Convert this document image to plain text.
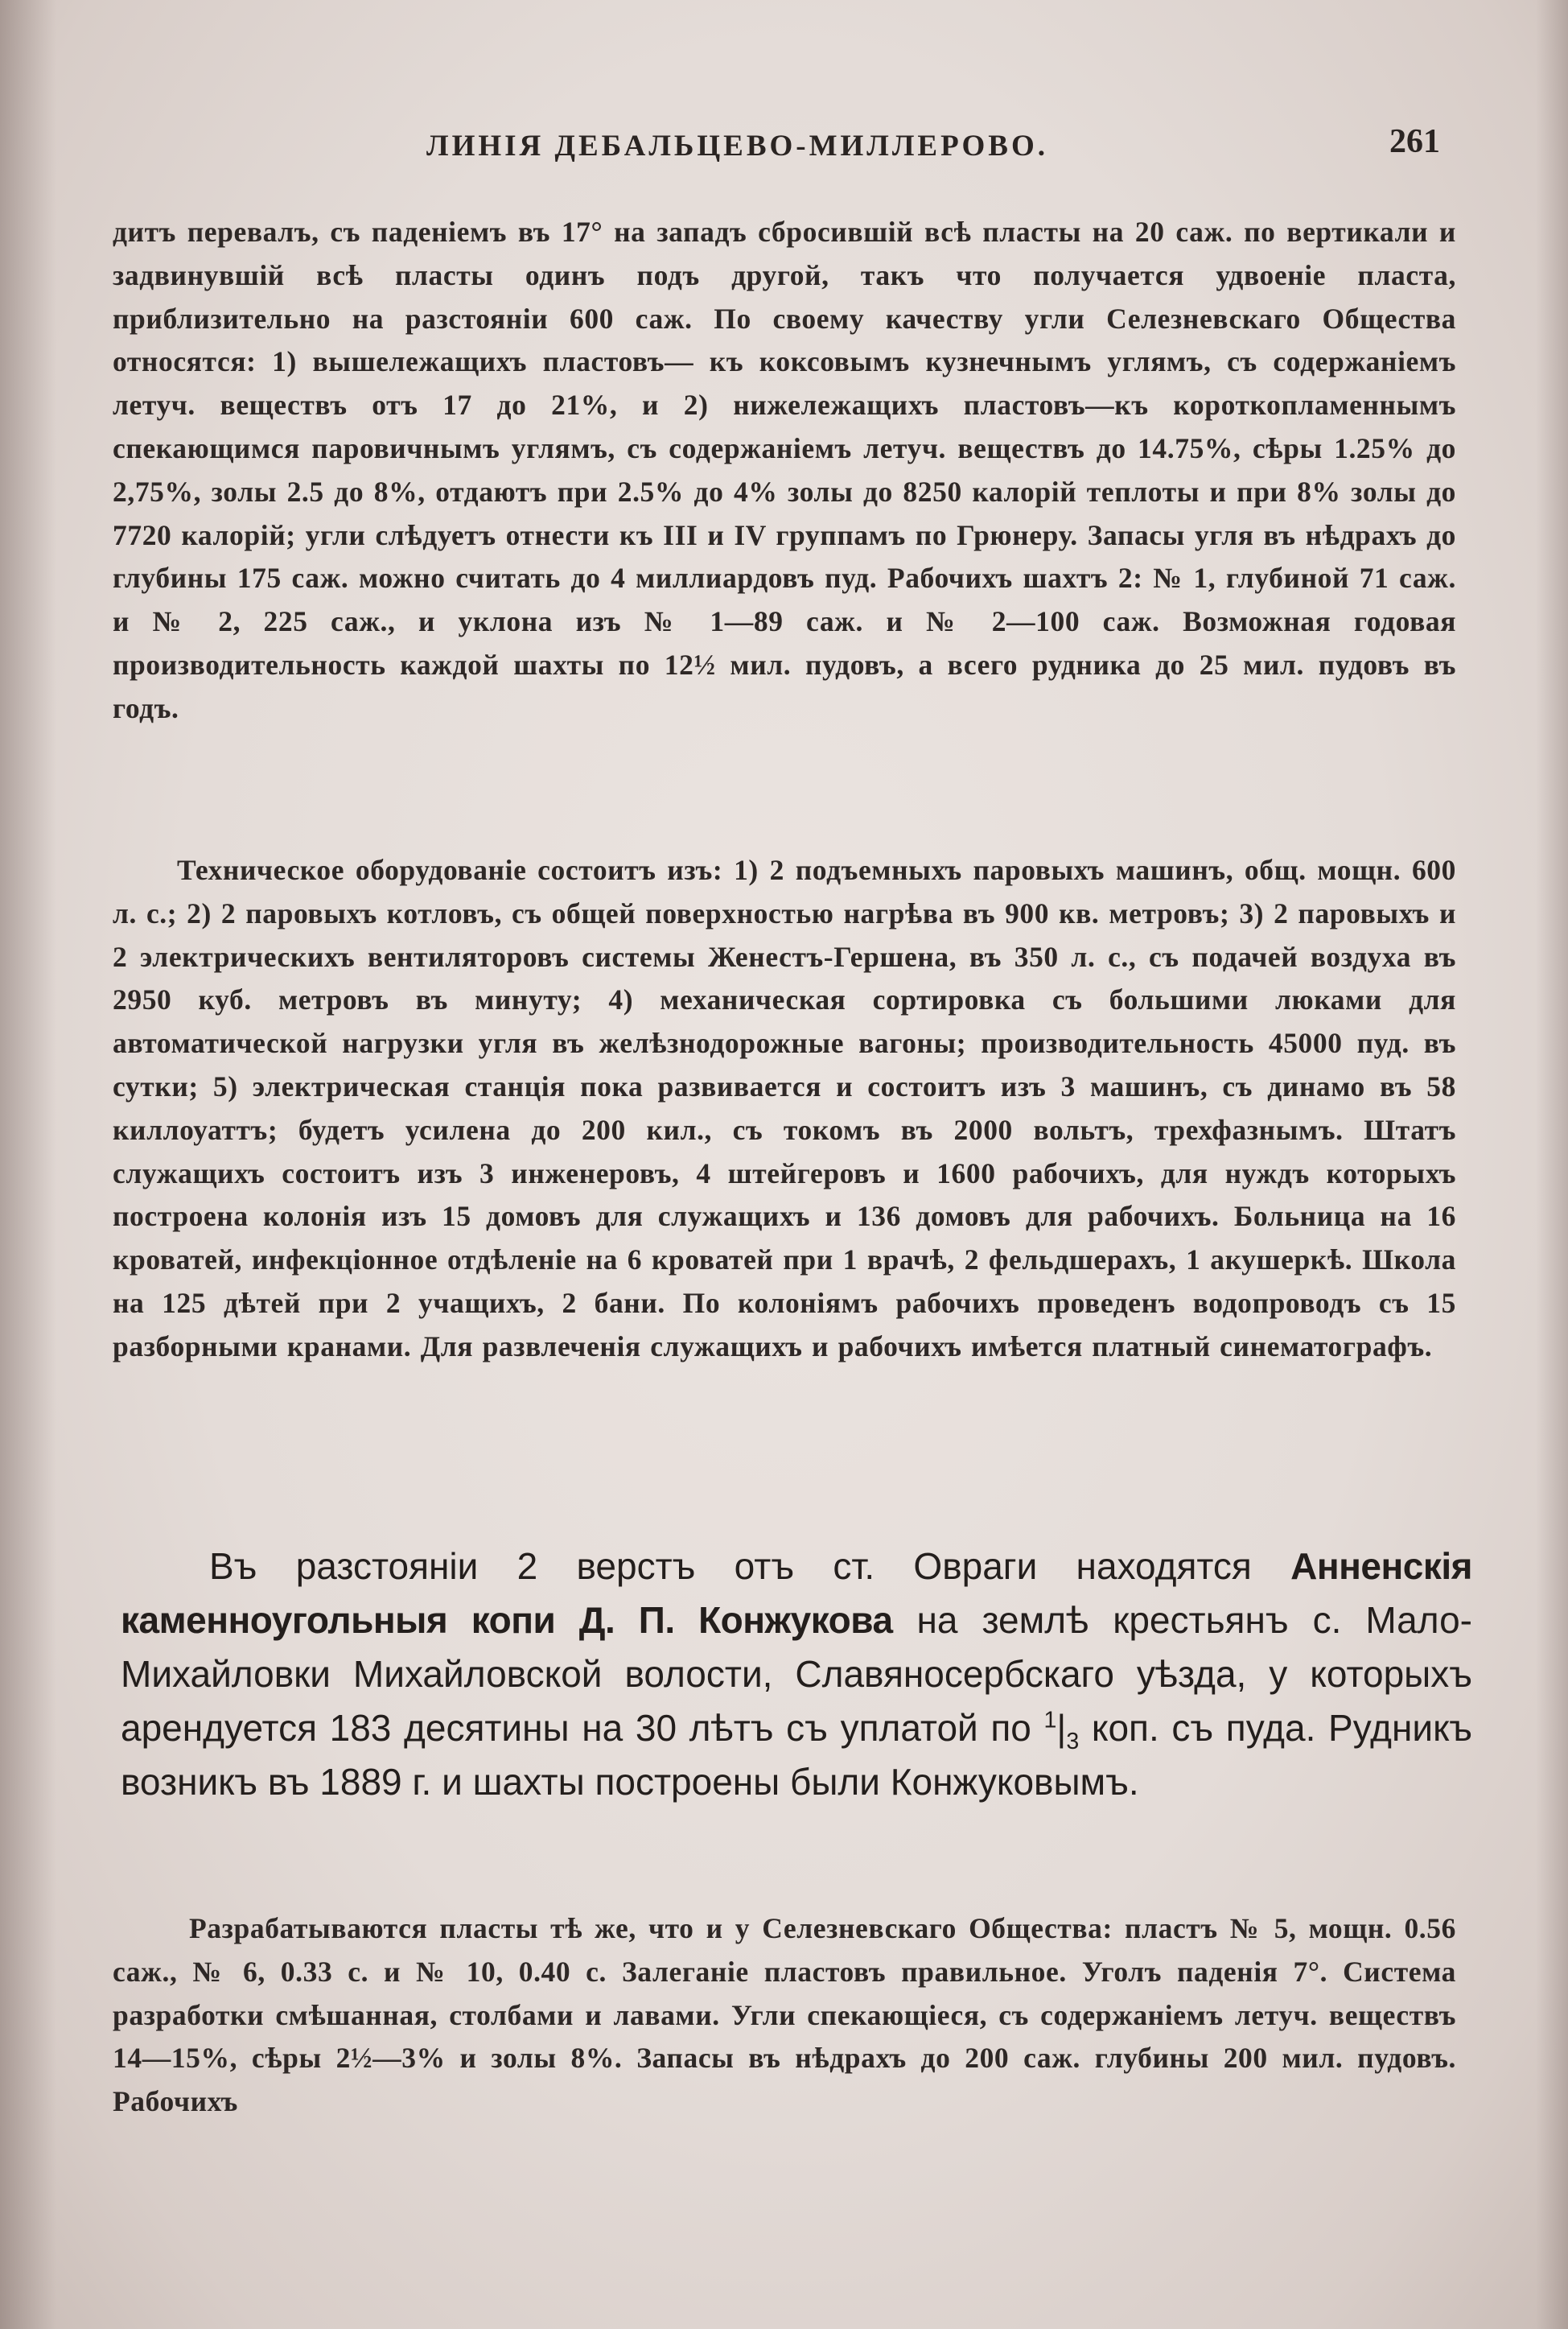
ЛИНІЯ ДЕБАЛЬЦЕВО-МИЛЛЕРОВО.	261
дитъ перевалъ, съ паденіемъ въ 17° на западъ сбросившій всѣ пласты на 20 саж. по вертикали и задвинувшій всѣ пласты одинъ подъ другой, такъ что получается удвоеніе пласта, приблизительно на разстояніи 600 саж. По своему качеству угли Селезневскаго Общества относятся: 1) вышележащихъ пластовъ— къ коксовымъ кузнечнымъ углямъ, съ содержаніемъ летуч. веществъ отъ 17 до 21%, и 2) нижележащихъ пластовъ—къ короткопламеннымъ спекающимся паровичнымъ углямъ, съ содержаніемъ летуч. веществъ до 14.75%, сѣры 1.25% до 2,75%, золы 2.5 до 8%, отдаютъ при 2.5% до 4% золы до 8250 калорій теплоты и при 8% золы до 7720 калорій; угли слѣдуетъ отнести къ III и IV группамъ по Грюнеру. Запасы угля въ нѣдрахъ до глубины 175 саж. можно считать до 4 миллиардовъ пуд. Рабочихъ шахтъ 2: № 1, глубиной 71 саж. и № 2, 225 саж., и уклона изъ № 1—89 саж. и № 2—100 саж. Возможная годовая производительность каждой шахты по 12½ мил. пудовъ, а всего рудника до 25 мил. пудовъ въ годъ.
Техническое оборудованіе состоитъ изъ: 1) 2 подъемныхъ паровыхъ машинъ, общ. мощн. 600 л. с.; 2) 2 паровыхъ котловъ, съ общей поверхностью нагрѣва въ 900 кв. метровъ; 3) 2 паровыхъ и 2 электрическихъ вентиляторовъ системы Женестъ-Гершена, въ 350 л. с., съ подачей воздуха въ 2950 куб. метровъ въ минуту; 4) механическая сортировка съ большими люками для автоматической нагрузки угля въ желѣзнодорожные вагоны; производительность 45000 пуд. въ сутки; 5) электрическая станція пока развивается и состоитъ изъ 3 машинъ, съ динамо въ 58 киллоуаттъ; будетъ усилена до 200 кил., съ токомъ въ 2000 вольтъ, трехфазнымъ. Штатъ служащихъ состоитъ изъ 3 инженеровъ, 4 штейгеровъ и 1600 рабочихъ, для нуждъ которыхъ построена колонія изъ 15 домовъ для служащихъ и 136 домовъ для рабочихъ. Больница на 16 кроватей, инфекціонное отдѣленіе на 6 кроватей при 1 врачѣ, 2 фельдшерахъ, 1 акушеркѣ. Школа на 125 дѣтей при 2 учащихъ, 2 бани. По колоніямъ рабочихъ проведенъ водопроводъ съ 15 разборными кранами. Для развлеченія служащихъ и рабочихъ имѣется платный синематографъ.
Въ разстояніи 2 верстъ отъ ст. Овраги находятся Анненскія каменноугольныя копи Д. П. Конжукова на землѣ крестьянъ с. Мало-Михайловки Михайловской волости, Славяносербскаго уѣзда, у которыхъ арендуется 183 десятины на 30 лѣтъ съ уплатой по $^1|_3$ коп. съ пуда. Рудникъ возникъ въ 1889 г. и шахты построены были Конжуковымъ.
Разрабатываются пласты тѣ же, что и у Селезневскаго Общества: пластъ № 5, мощн. 0.56 саж., № 6, 0.33 с. и № 10, 0.40 с. Залеганіе пластовъ правильное. Уголъ паденія 7°. Система разработки смѣшанная, столбами и лавами. Угли спекающіеся, съ содержаніемъ летуч. веществъ 14—15%, сѣры 2½—3% и золы 8%. Запасы въ нѣдрахъ до 200 саж. глубины 200 мил. пудовъ. Рабочихъ
